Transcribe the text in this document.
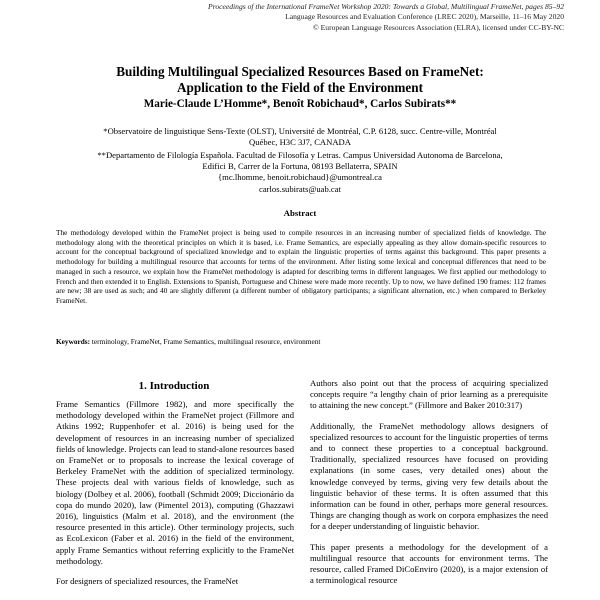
Proceedings of the International FrameNet Workshop 2020: Towards a Global, Multilingual FrameNet, pages 85–92
Language Resources and Evaluation Conference (LREC 2020), Marseille, 11–16 May 2020
© European Language Resources Association (ELRA), licensed under CC-BY-NC
Building Multilingual Specialized Resources Based on FrameNet:
Application to the Field of the Environment
Marie-Claude L’Homme*, Benoît Robichaud*, Carlos Subirats**
*Observatoire de linguistique Sens-Texte (OLST), Université de Montréal, C.P. 6128, succ. Centre-ville, Montréal
Québec, H3C 3J7, CANADA
**Departamento de Filología Española. Facultad de Filosofía y Letras. Campus Universidad Autonoma de Barcelona,
Edifici B, Carrer de la Fortuna, 08193 Bellaterra, SPAIN
{mc.lhomme, benoit.robichaud}@umontreal.ca
carlos.subirats@uab.cat
Abstract
The methodology developed within the FrameNet project is being used to compile resources in an increasing number of specialized fields of knowledge. The methodology along with the theoretical principles on which it is based, i.e. Frame Semantics, are especially appealing as they allow domain-specific resources to account for the conceptual background of specialized knowledge and to explain the linguistic properties of terms against this background. This paper presents a methodology for building a multilingual resource that accounts for terms of the environment. After listing some lexical and conceptual differences that need to be managed in such a resource, we explain how the FrameNet methodology is adapted for describing terms in different languages. We first applied our methodology to French and then extended it to English. Extensions to Spanish, Portuguese and Chinese were made more recently. Up to now, we have defined 190 frames: 112 frames are new; 38 are used as such; and 40 are slightly different (a different number of obligatory participants; a significant alternation, etc.) when compared to Berkeley FrameNet.
Keywords: terminology, FrameNet, Frame Semantics, multilingual resource, environment
1. Introduction

Frame Semantics (Fillmore 1982), and more specifically the methodology developed within the FrameNet project (Fillmore and Atkins 1992; Ruppenhofer et al. 2016) is being used for the development of resources in an increasing number of specialized fields of knowledge. Projects can lead to stand-alone resources based on FrameNet or to proposals to increase the lexical coverage of Berkeley FrameNet with the addition of specialized terminology. These projects deal with various fields of knowledge, such as biology (Dolbey et al. 2006), football (Schmidt 2009; Diccionário da copa do mundo 2020), law (Pimentel 2013), computing (Ghazzawi 2016), linguistics (Malm et al. 2018), and the environment (the resource presented in this article). Other terminology projects, such as EcoLexicon (Faber et al. 2016) in the field of the environment, apply Frame Semantics without referring explicitly to the FrameNet methodology.

For designers of specialized resources, the FrameNet

Authors also point out that the process of acquiring specialized concepts require “a lengthy chain of prior learning as a prerequisite to attaining the new concept.” (Fillmore and Baker 2010:317)

Additionally, the FrameNet methodology allows designers of specialized resources to account for the linguistic properties of terms and to connect these properties to a conceptual background. Traditionally, specialized resources have focused on providing explanations (in some cases, very detailed ones) about the knowledge conveyed by terms, giving very few details about the linguistic behavior of these terms. It is often assumed that this information can be found in other, perhaps more general resources. Things are changing though as work on corpora emphasizes the need for a deeper understanding of linguistic behavior.

This paper presents a methodology for the development of a multilingual resource that accounts for environment terms. The resource, called Framed DiCoEnviro (2020), is a major extension of a terminological resource
